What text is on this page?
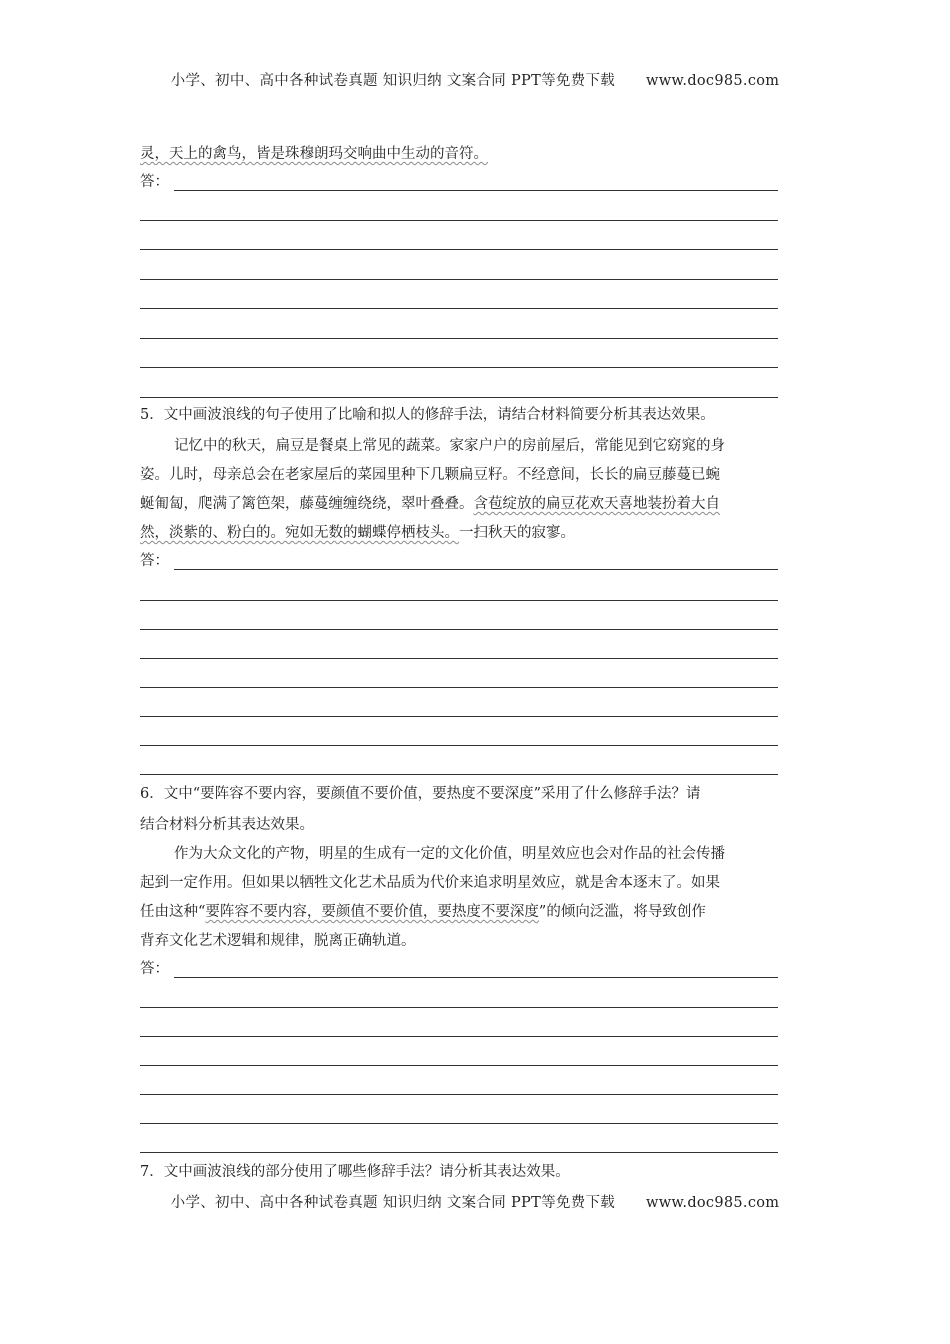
小学、初中、高中各种试卷真题 知识归纳 文案合同 PPT等免费下载 www.doc985.com
灵，天上的禽鸟，皆是珠穆朗玛交响曲中生动的音符。
答：
5．文中画波浪线的句子使用了比喻和拟人的修辞手法，请结合材料简要分析其表达效果。
记忆中的秋天，扁豆是餐桌上常见的蔬菜。家家户户的房前屋后，常能见到它窈窕的身
姿。儿时，母亲总会在老家屋后的菜园里种下几颗扁豆籽。不经意间，长长的扁豆藤蔓已蜿
蜒匍匐，爬满了篱笆架，藤蔓缠缠绕绕，翠叶叠叠。含苞绽放的扁豆花欢天喜地装扮着大自
然，淡紫的、粉白的。宛如无数的蝴蝶停栖枝头。一扫秋天的寂寥。
答：
6．文中“要阵容不要内容，要颜值不要价值，要热度不要深度”采用了什么修辞手法？请
结合材料分析其表达效果。
作为大众文化的产物，明星的生成有一定的文化价值，明星效应也会对作品的社会传播
起到一定作用。但如果以牺牲文化艺术品质为代价来追求明星效应，就是舍本逐末了。如果
任由这种“要阵容不要内容，要颜值不要价值，要热度不要深度”的倾向泛滥，将导致创作
背弃文化艺术逻辑和规律，脱离正确轨道。
答：
7．文中画波浪线的部分使用了哪些修辞手法？请分析其表达效果。
小学、初中、高中各种试卷真题 知识归纳 文案合同 PPT等免费下载 www.doc985.com
